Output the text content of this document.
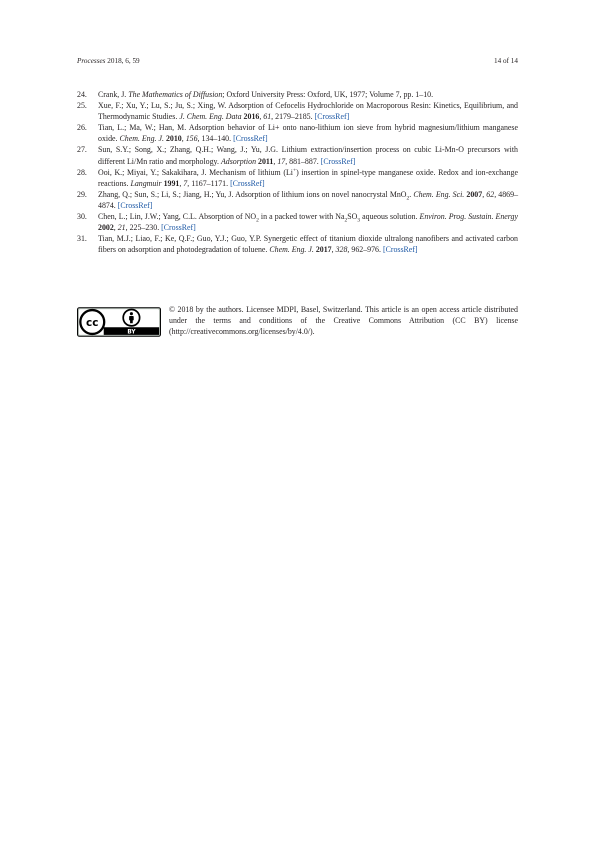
Processes 2018, 6, 59	14 of 14
24.	Crank, J. The Mathematics of Diffusion; Oxford University Press: Oxford, UK, 1977; Volume 7, pp. 1–10.
25.	Xue, F.; Xu, Y.; Lu, S.; Ju, S.; Xing, W. Adsorption of Cefocelis Hydrochloride on Macroporous Resin: Kinetics, Equilibrium, and Thermodynamic Studies. J. Chem. Eng. Data 2016, 61, 2179–2185. [CrossRef]
26.	Tian, L.; Ma, W.; Han, M. Adsorption behavior of Li+ onto nano-lithium ion sieve from hybrid magnesium/lithium manganese oxide. Chem. Eng. J. 2010, 156, 134–140. [CrossRef]
27.	Sun, S.Y.; Song, X.; Zhang, Q.H.; Wang, J.; Yu, J.G. Lithium extraction/insertion process on cubic Li-Mn-O precursors with different Li/Mn ratio and morphology. Adsorption 2011, 17, 881–887. [CrossRef]
28.	Ooi, K.; Miyai, Y.; Sakakihara, J. Mechanism of lithium (Li+) insertion in spinel-type manganese oxide. Redox and ion-exchange reactions. Langmuir 1991, 7, 1167–1171. [CrossRef]
29.	Zhang, Q.; Sun, S.; Li, S.; Jiang, H.; Yu, J. Adsorption of lithium ions on novel nanocrystal MnO$_2$. Chem. Eng. Sci. 2007, 62, 4869–4874. [CrossRef]
30.	Chen, L.; Lin, J.W.; Yang, C.L. Absorption of $NO_2$ in a packed tower with $Na_2SO_3$ aqueous solution. Environ. Prog. Sustain. Energy 2002, 21, 225–230. [CrossRef]
31.	Tian, M.J.; Liao, F.; Ke, Q.F.; Guo, Y.J.; Guo, Y.P. Synergetic effect of titanium dioxide ultralong nanofibers and activated carbon fibers on adsorption and photodegradation of toluene. Chem. Eng. J. 2017, 328, 962–976. [CrossRef]
cc
BY
© 2018 by the authors. Licensee MDPI, Basel, Switzerland. This article is an open access article distributed under the terms and conditions of the Creative Commons Attribution (CC BY) license (http://creativecommons.org/licenses/by/4.0/).
